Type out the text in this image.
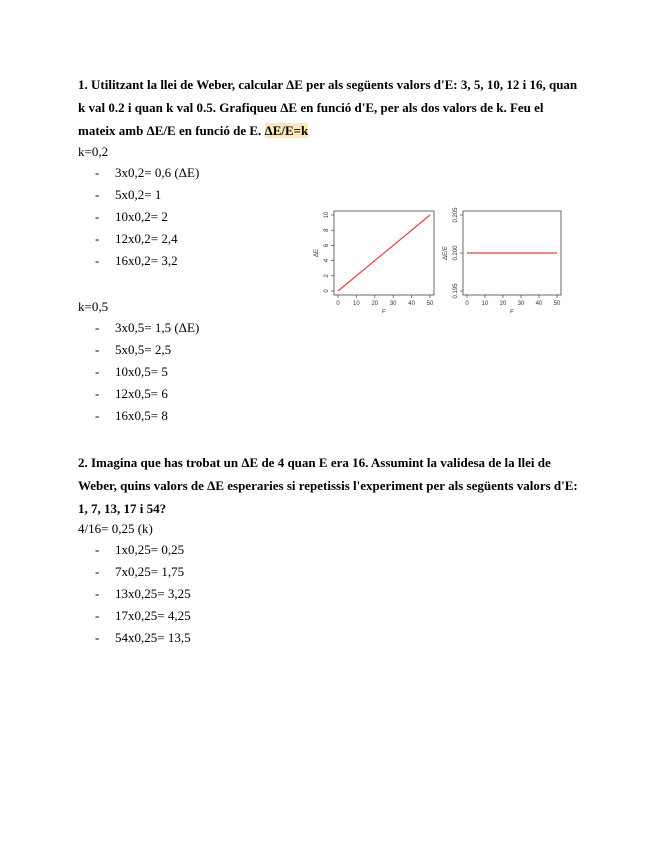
1. Utilitzant la llei de Weber, calcular ΔE per als següents valors d'E: 3, 5, 10, 12 i 16, quan
k val 0.2 i quan k val 0.5. Grafiqueu ΔE en funció d'E, per als dos valors de k. Feu el
mateix amb ΔE/E en funció de E. ΔE/E=k
k=0,2
- 3x0,2= 0,6 (ΔE)
- 5x0,2= 1
- 10x0,2= 2
- 12x0,2= 2,4
- 16x0,2= 3,2
0 10 20 30 40 50
0
2
4
6
8
10
E
ΔE
0 10 20 30 40 50
0.195
0.200
0.205
E
ΔE/E
k=0,5
- 3x0,5= 1,5 (ΔE)
- 5x0,5= 2,5
- 10x0,5= 5
- 12x0,5= 6
- 16x0,5= 8
2. Imagina que has trobat un ΔE de 4 quan E era 16. Assumint la validesa de la llei de
Weber, quins valors de ΔE esperaries si repetissis l'experiment per als següents valors d'E:
1, 7, 13, 17 i 54?
4/16= 0,25 (k)
- 1x0,25= 0,25
- 7x0,25= 1,75
- 13x0,25= 3,25
- 17x0,25= 4,25
- 54x0,25= 13,5
